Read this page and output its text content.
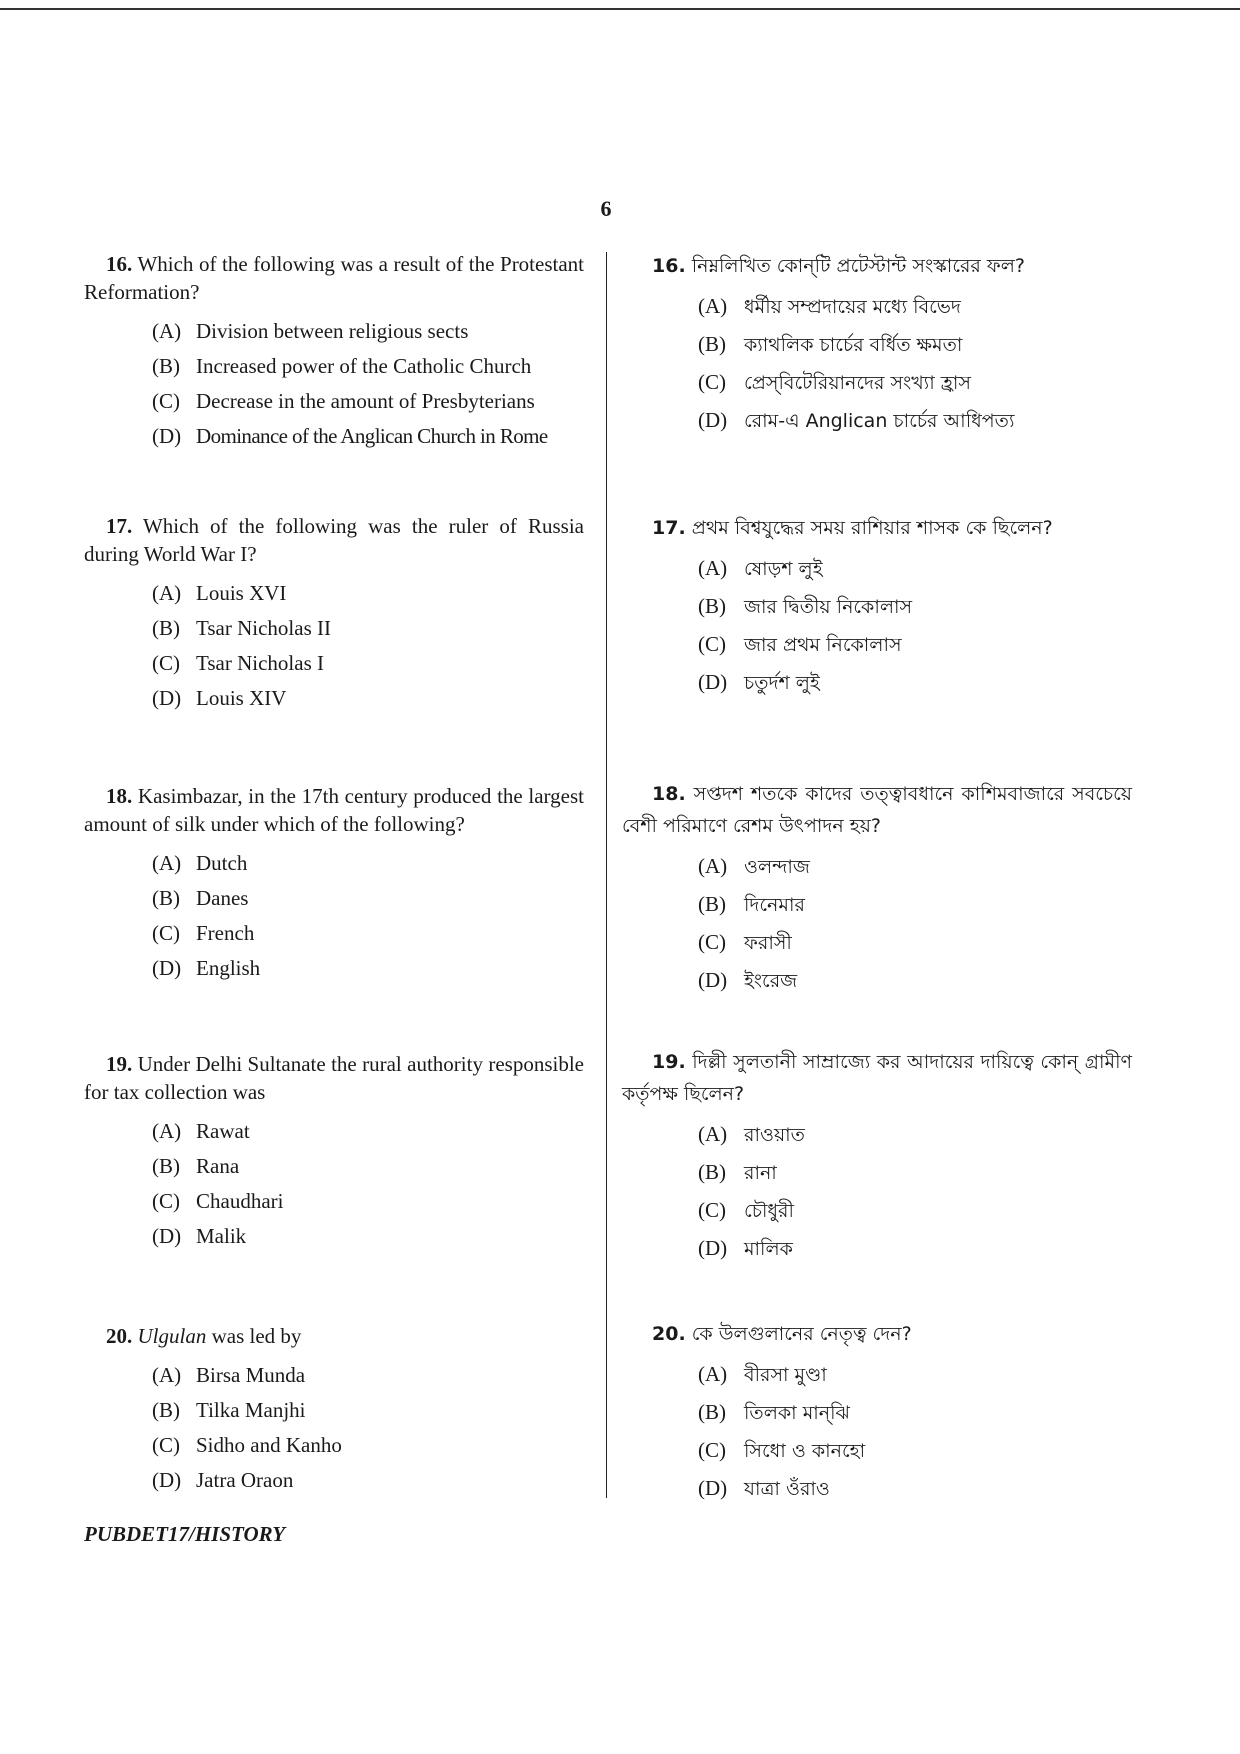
6

16. Which of the following was a result of the Protestant Reformation?

(A) Division between religious sects
(B) Increased power of the Catholic Church
(C) Decrease in the amount of Presbyterians
(D) Dominance of the Anglican Church in Rome

17. Which of the following was the ruler of Russia during World War I?

(A) Louis XVI
(B) Tsar Nicholas II
(C) Tsar Nicholas I
(D) Louis XIV

18. Kasimbazar, in the 17th century produced the largest amount of silk under which of the following?

(A) Dutch
(B) Danes
(C) French
(D) English

19. Under Delhi Sultanate the rural authority responsible for tax collection was

(A) Rawat
(B) Rana
(C) Chaudhari
(D) Malik

20. Ulgulan was led by

(A) Birsa Munda
(B) Tilka Manjhi
(C) Sidho and Kanho
(D) Jatra Oraon

16. নিম্নলিখিত কোন্‌টি প্রটেস্টান্ট সংস্কারের ফল?

(A) ধর্মীয় সম্প্রদায়ের মধ্যে বিভেদ
(B) ক্যাথলিক চার্চের বর্ধিত ক্ষমতা
(C) প্রেস্‌বিটেরিয়ানদের সংখ্যা হ্রাস
(D) রোম-এ Anglican চার্চের আধিপত্য

17. প্রথম বিশ্বযুদ্ধের সময় রাশিয়ার শাসক কে ছিলেন?

(A) ষোড়শ লুই
(B) জার দ্বিতীয় নিকোলাস
(C) জার প্রথম নিকোলাস
(D) চতুর্দশ লুই

18. সপ্তদশ শতকে কাদের তত্ত্বাবধানে কাশিমবাজারে সবচেয়ে বেশী পরিমাণে রেশম উৎপাদন হয়?

(A) ওলন্দাজ
(B) দিনেমার
(C) ফরাসী
(D) ইংরেজ

19. দিল্লী সুলতানী সাম্রাজ্যে কর আদায়ের দায়িত্বে কোন্‌ গ্রামীণ কর্তৃপক্ষ ছিলেন?

(A) রাওয়াত
(B) রানা
(C) চৌধুরী
(D) মালিক

20. কে উলগুলানের নেতৃত্ব দেন?

(A) বীরসা মুণ্ডা
(B) তিলকা মান্‌ঝি
(C) সিধো ও কানহো
(D) যাত্রা ওঁরাও
PUBDET17/HISTORY
